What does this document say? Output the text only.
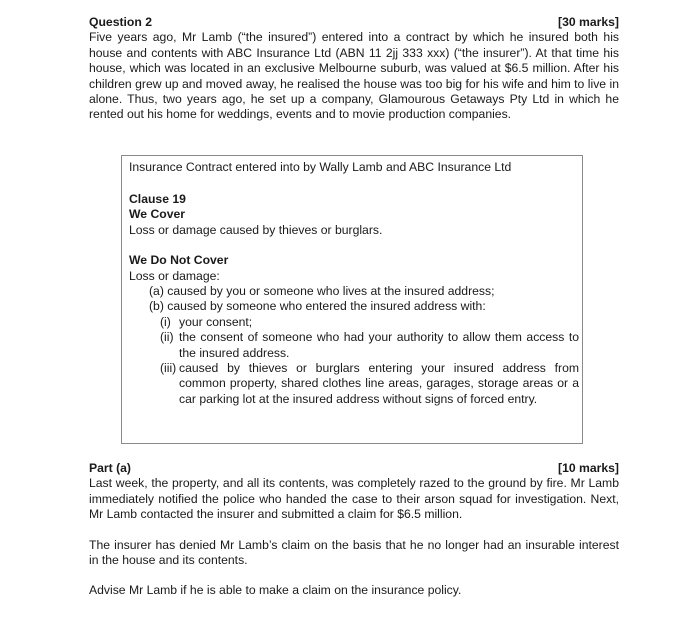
Question 2	[30 marks]

Five years ago, Mr Lamb (“the insured”) entered into a contract by which he insured both his house and contents with ABC Insurance Ltd (ABN 11 2jj 333 xxx) (“the insurer”). At that time his house, which was located in an exclusive Melbourne suburb, was valued at $6.5 million. After his children grew up and moved away, he realised the house was too big for his wife and him to live in alone. Thus, two years ago, he set up a company, Glamourous Getaways Pty Ltd in which he rented out his home for weddings, events and to movie production companies.

Insurance Contract entered into by Wally Lamb and ABC Insurance Ltd
Clause 19
We Cover
Loss or damage caused by thieves or burglars.
We Do Not Cover
Loss or damage:
(a) caused by you or someone who lives at the insured address;
(b) caused by someone who entered the insured address with:
(i) your consent;
(ii) the consent of someone who had your authority to allow them access to the insured address.
(iii) caused by thieves or burglars entering your insured address from common property, shared clothes line areas, garages, storage areas or a car parking lot at the insured address without signs of forced entry.
Part (a)	[10 marks]

Last week, the property, and all its contents, was completely razed to the ground by fire. Mr Lamb immediately notified the police who handed the case to their arson squad for investigation. Next, Mr Lamb contacted the insurer and submitted a claim for $6.5 million.

The insurer has denied Mr Lamb’s claim on the basis that he no longer had an insurable interest in the house and its contents.

Advise Mr Lamb if he is able to make a claim on the insurance policy.
